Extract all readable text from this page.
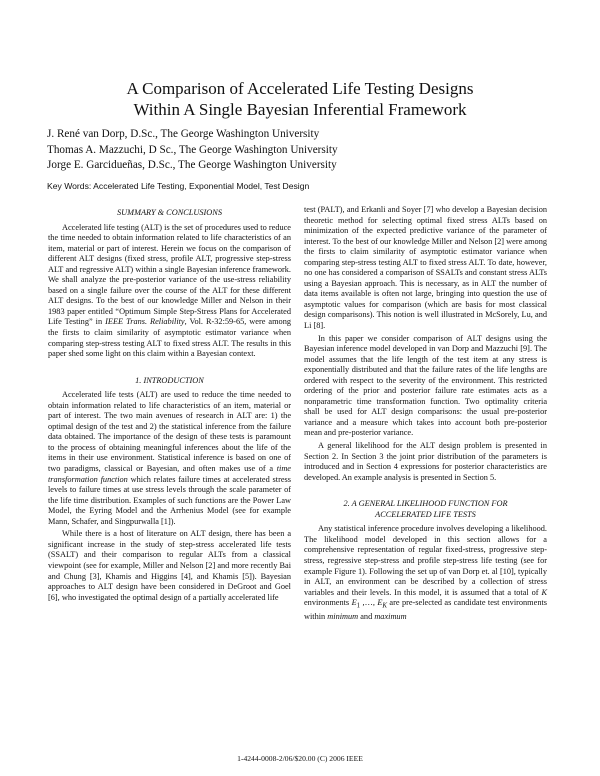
A Comparison of Accelerated Life Testing Designs
Within A Single Bayesian Inferential Framework
J. René van Dorp, D.Sc., The George Washington University
Thomas A. Mazzuchi, D Sc., The George Washington University
Jorge E. Garcidueñas, D.Sc., The George Washington University
Key Words: Accelerated Life Testing, Exponential Model, Test Design
SUMMARY & CONCLUSIONS

Accelerated life testing (ALT) is the set of procedures used to reduce the time needed to obtain information related to life characteristics of an item, material or part of interest. Herein we focus on the comparison of different ALT designs (fixed stress, profile ALT, progressive step-stress ALT and regressive ALT) within a single Bayesian inference framework. We shall analyze the pre-posterior variance of the use-stress reliability based on a single failure over the course of the ALT for these different ALT designs. To the best of our knowledge Miller and Nelson in their 1983 paper entitled “Optimum Simple Step-Stress Plans for Accelerated Life Testing” in IEEE Trans. Reliability, Vol. R-32:59-65, were among the firsts to claim similarity of asymptotic estimator variance when comparing step-stress testing ALT to fixed stress ALT. The results in this paper shed some light on this claim within a Bayesian context.

1. INTRODUCTION

Accelerated life tests (ALT) are used to reduce the time needed to obtain information related to life characteristics of an item, material or part of interest. The two main avenues of research in ALT are: 1) the optimal design of the test and 2) the statistical inference from the failure data obtained. The importance of the design of these tests is paramount to the process of obtaining meaningful inferences about the life of the items in their use environment. Statistical inference is based on one of two paradigms, classical or Bayesian, and often makes use of a time transformation function which relates failure times at accelerated stress levels to failure times at use stress levels through the scale parameter of the life time distribution. Examples of such functions are the Power Law Model, the Eyring Model and the Arrhenius Model (see for example Mann, Schafer, and Singpurwalla [1]).

While there is a host of literature on ALT design, there has been a significant increase in the study of step-stress accelerated life tests (SSALT) and their comparison to regular ALTs from a classical viewpoint (see for example, Miller and Nelson [2] and more recently Bai and Chung [3], Khamis and Higgins [4], and Khamis [5]). Bayesian approaches to ALT design have been considered in DeGroot and Goel [6], who investigated the optimal design of a partially accelerated life

test (PALT), and Erkanli and Soyer [7] who develop a Bayesian decision theoretic method for selecting optimal fixed stress ALTs based on minimization of the expected predictive variance of the parameter of interest. To the best of our knowledge Miller and Nelson [2] were among the firsts to claim similarity of asymptotic estimator variance when comparing step-stress testing ALT to fixed stress ALT. To date, however, no one has considered a comparison of SSALTs and constant stress ALTs using a Bayesian approach. This is necessary, as in ALT the number of data items available is often not large, bringing into question the use of asymptotic values for comparison (which are basis for most classical design comparisons). This notion is well illustrated in McSorely, Lu, and Li [8].

In this paper we consider comparison of ALT designs using the Bayesian inference model developed in van Dorp and Mazzuchi [9]. The model assumes that the life length of the test item at any stress is exponentially distributed and that the failure rates of the life lengths are ordered with respect to the severity of the environment. This restricted ordering of the prior and posterior failure rate estimates acts as a nonparametric time transformation function. Two optimality criteria shall be used for ALT design comparisons: the usual pre-posterior variance and a measure which takes into account both pre-posterior mean and pre-posterior variance.

A general likelihood for the ALT design problem is presented in Section 2. In Section 3 the joint prior distribution of the parameters is introduced and in Section 4 expressions for posterior characteristics are developed. An example analysis is presented in Section 5.

2. A GENERAL LIKELIHOOD FUNCTION FOR
ACCELERATED LIFE TESTS

Any statistical inference procedure involves developing a likelihood. The likelihood model developed in this section allows for a comprehensive representation of regular fixed-stress, progressive step-stress, regressive step-stress and profile step-stress life testing (see for example Figure 1). Following the set up of van Dorp et. al [10], typically in ALT, an environment can be described by a collection of stress variables and their levels. In this model, it is assumed that a total of K environments $E_1$ ,…, $E_K$ are pre-selected as candidate test environments within minimum and maximum

1-4244-0008-2/06/$20.00 (C) 2006 IEEE
